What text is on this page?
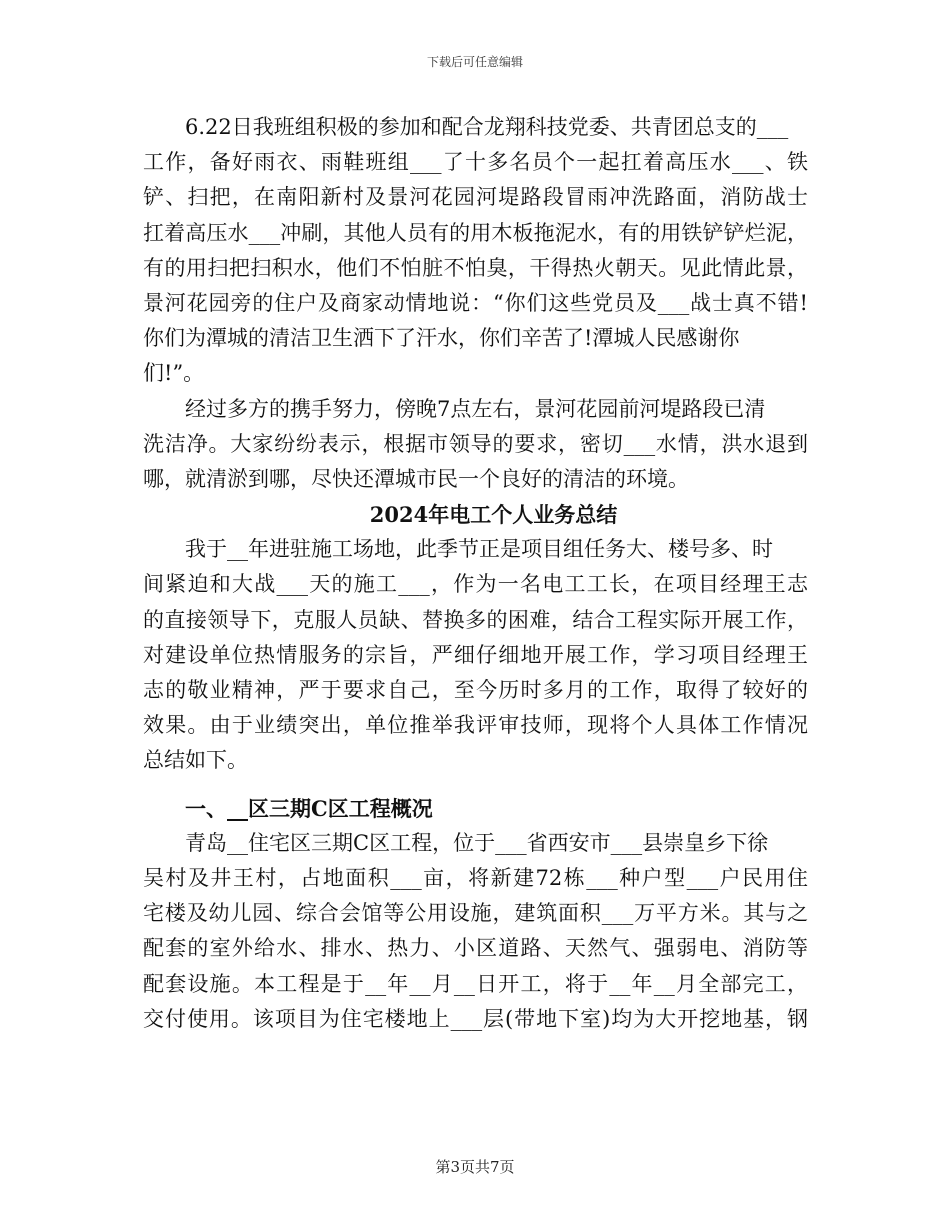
下载后可任意编辑
6.22日我班组积极的参加和配合龙翔科技党委、共青团总支的___
工作，备好雨衣、雨鞋班组___了十多名员个一起扛着高压水___、铁
铲、扫把，在南阳新村及景河花园河堤路段冒雨冲洗路面，消防战士
扛着高压水___冲刷，其他人员有的用木板拖泥水，有的用铁铲铲烂泥，
有的用扫把扫积水，他们不怕脏不怕臭，干得热火朝天。见此情此景，
景河花园旁的住户及商家动情地说：“你们这些党员及___战士真不错!
你们为潭城的清洁卫生洒下了汗水，你们辛苦了!潭城人民感谢你
们!”。
经过多方的携手努力，傍晚7点左右，景河花园前河堤路段已清
洗洁净。大家纷纷表示，根据市领导的要求，密切___水情，洪水退到
哪，就清淤到哪，尽快还潭城市民一个良好的清洁的环境。
2024年电工个人业务总结
我于__年进驻施工场地，此季节正是项目组任务大、楼号多、时
间紧迫和大战___天的施工___，作为一名电工工长，在项目经理王志
的直接领导下，克服人员缺、替换多的困难，结合工程实际开展工作，
对建设单位热情服务的宗旨，严细仔细地开展工作，学习项目经理王
志的敬业精神，严于要求自己，至今历时多月的工作，取得了较好的
效果。由于业绩突出，单位推举我评审技师，现将个人具体工作情况
总结如下。
一、__区三期C区工程概况
青岛__住宅区三期C区工程，位于___省西安市___县崇皇乡下徐
吴村及井王村，占地面积___亩，将新建72栋___种户型___户民用住
宅楼及幼儿园、综合会馆等公用设施，建筑面积___万平方米。其与之
配套的室外给水、排水、热力、小区道路、天然气、强弱电、消防等
配套设施。本工程是于__年__月__日开工，将于__年__月全部完工，
交付使用。该项目为住宅楼地上___层(带地下室)均为大开挖地基，钢
第3页共7页
